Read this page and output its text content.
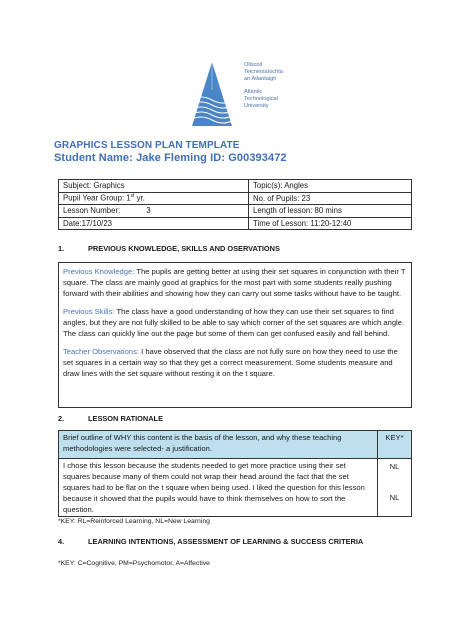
Ollscoil
Teicneolaíochta
an Atlantaigh
Atlantic
Technological
University
GRAPHICS LESSON PLAN TEMPLATE
Student Name: Jake Fleming ID: G00393472
Subject: Graphics	Topic(s): Angles
Pupil Year Group: 1st yr.	No. of Pupils: 23
Lesson Number: 3	Length of lesson: 80 mins
Date:17/10/23	Time of Lesson: 11:20-12:40
1.	PREVIOUS KNOWLEDGE, SKILLS AND OSERVATIONS

Previous Knowledge: The pupils are getting better at using their set squares in conjunction with their T square. The class are mainly good at graphics for the most part with some students really pushing forward with their abilities and showing how they can carry out some tasks without have to be taught.

Previous Skills: The class have a good understanding of how they can use their set squares to find angles, but they are not fully skilled to be able to say which corner of the set squares are which angle. The class can quickly line out the page but some of them can get confused easily and fall behind.

Teacher Observations: I have observed that the class are not fully sure on how they need to use the set squares in a certain way so that they get a correct measurement. Some students measure and draw lines with the set square without resting it on the t square.

2.	LESSON RATIONALE
Brief outline of WHY this content is the basis of the lesson, and why these teaching methodologies were selected- a justification.	KEY*
I chose this lesson because the students needed to get more practice using their set squares because many of them could not wrap their head around the fact that the set squares had to be flat on the t square when being used. I liked the question for this lesson because it showed that the pupils would have to think themselves on how to sort the question.	NL
NL
*KEY: RL=Reinforced Learning, NL=New Learning
4.	LEARNING INTENTIONS, ASSESSMENT OF LEARNING & SUCCESS CRITERIA
*KEY: C=Cognitive, PM=Psychomotor, A=Affective
